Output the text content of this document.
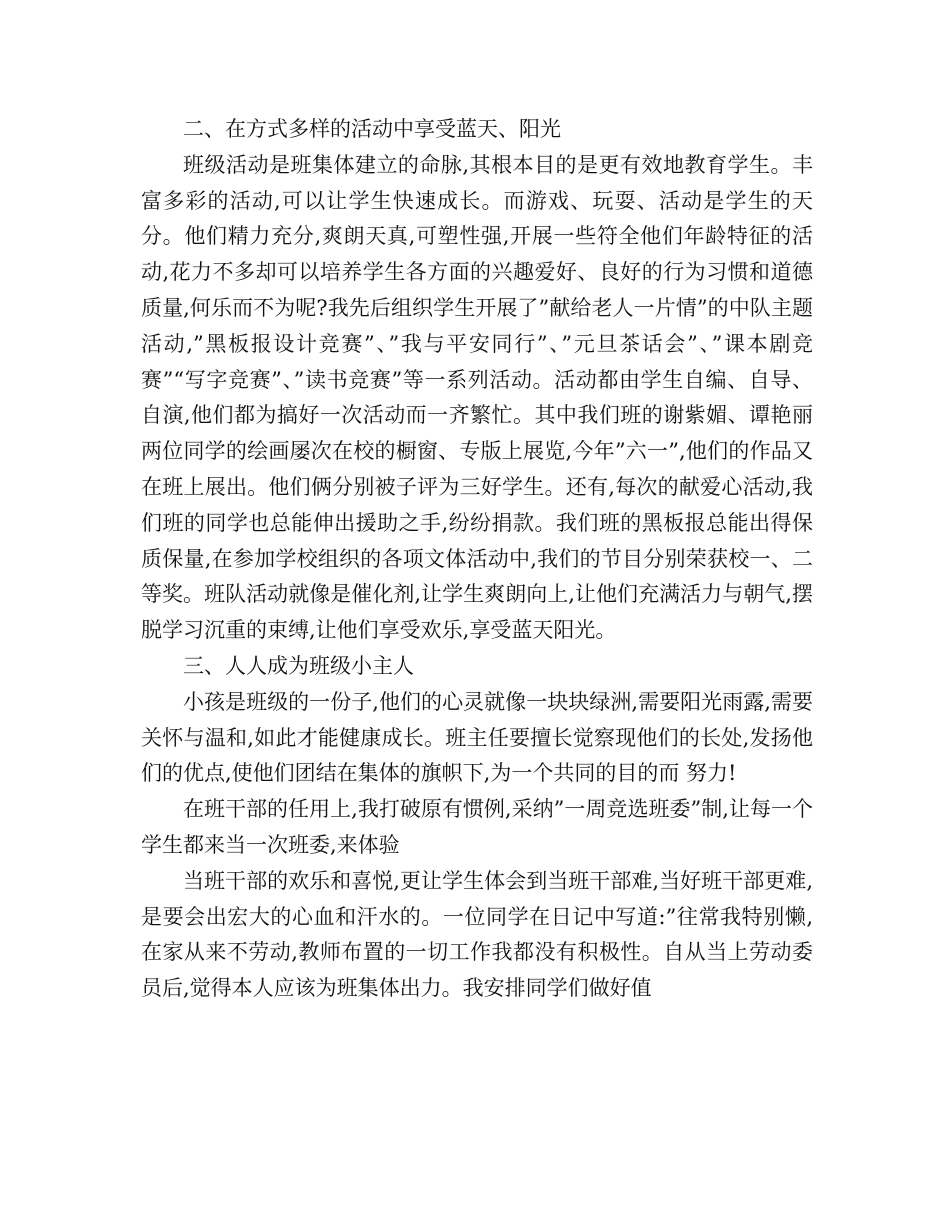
二、在方式多样的活动中享受蓝天、阳光

班级活动是班集体建立的命脉,其根本目的是更有效地教育学生。丰富多彩的活动,可以让学生快速成长。而游戏、玩耍、活动是学生的天分。他们精力充分,爽朗天真,可塑性强,开展一些符全他们年龄特征的活动,花力不多却可以培养学生各方面的兴趣爱好、良好的行为习惯和道德质量,何乐而不为呢?我先后组织学生开展了”献给老人一片情”的中队主题活动,”黑板报设计竞赛”、”我与平安同行”、”元旦茶话会”、”课本剧竞赛”“写字竞赛”、”读书竞赛”等一系列活动。活动都由学生自编、自导、自演,他们都为搞好一次活动而一齐繁忙。其中我们班的谢紫媚、谭艳丽两位同学的绘画屡次在校的橱窗、专版上展览,今年”六一”,他们的作品又在班上展出。他们俩分别被子评为三好学生。还有,每次的献爱心活动,我们班的同学也总能伸出援助之手,纷纷捐款。我们班的黑板报总能出得保质保量,在参加学校组织的各项文体活动中,我们的节目分别荣获校一、二等奖。班队活动就像是催化剂,让学生爽朗向上,让他们充满活力与朝气,摆脱学习沉重的束缚,让他们享受欢乐,享受蓝天阳光。

三、人人成为班级小主人

小孩是班级的一份子,他们的心灵就像一块块绿洲,需要阳光雨露,需要关怀与温和,如此才能健康成长。班主任要擅长觉察现他们的长处,发扬他们的优点,使他们团结在集体的旗帜下,为一个共同的目的而 努力!

在班干部的任用上,我打破原有惯例,采纳”一周竞选班委”制,让每一个学生都来当一次班委,来体验

当班干部的欢乐和喜悦,更让学生体会到当班干部难,当好班干部更难,是要会出宏大的心血和汗水的。一位同学在日记中写道:”往常我特别懒,在家从来不劳动,教师布置的一切工作我都没有积极性。自从当上劳动委员后,觉得本人应该为班集体出力。我安排同学们做好值
